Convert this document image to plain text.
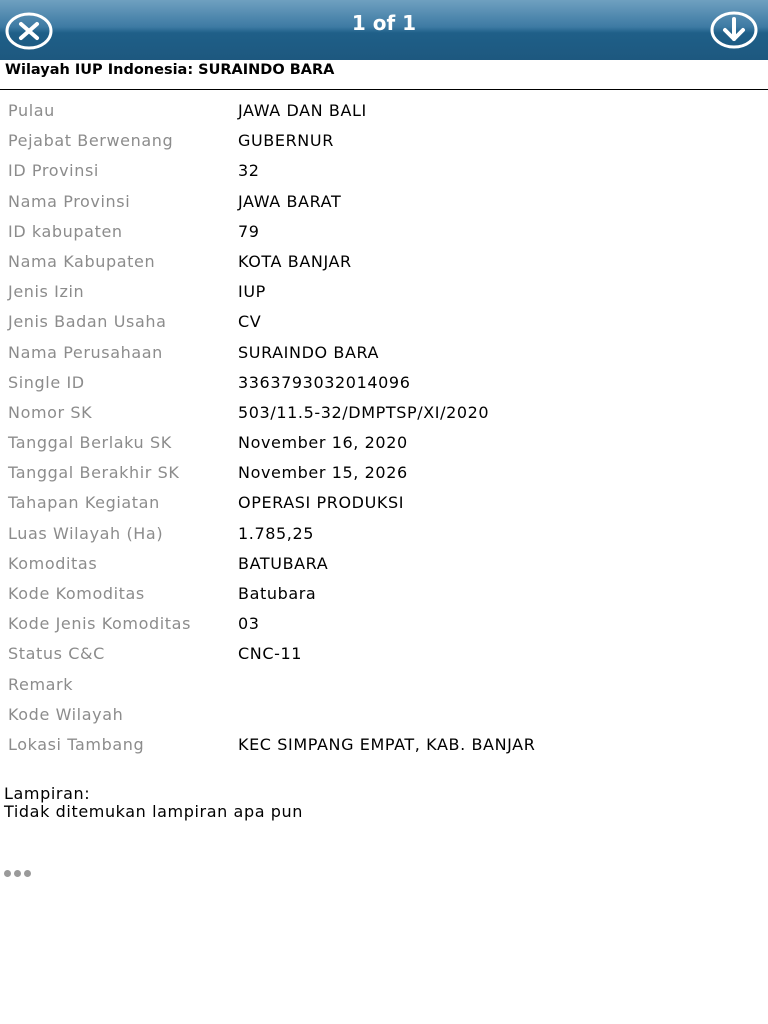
1 of 1
Wilayah IUP Indonesia: SURAINDO BARA
Pulau	JAWA DAN BALI
Pejabat Berwenang	GUBERNUR
ID Provinsi	32
Nama Provinsi	JAWA BARAT
ID kabupaten	79
Nama Kabupaten	KOTA BANJAR
Jenis Izin	IUP
Jenis Badan Usaha	CV
Nama Perusahaan	SURAINDO BARA
Single ID	3363793032014096
Nomor SK	503/11.5-32/DMPTSP/XI/2020
Tanggal Berlaku SK	November 16, 2020
Tanggal Berakhir SK	November 15, 2026
Tahapan Kegiatan	OPERASI PRODUKSI
Luas Wilayah (Ha)	1.785,25
Komoditas	BATUBARA
Kode Komoditas	Batubara
Kode Jenis Komoditas	03
Status C&C	CNC-11
Remark
Kode Wilayah
Lokasi Tambang	KEC SIMPANG EMPAT, KAB. BANJAR
Lampiran:
Tidak ditemukan lampiran apa pun
